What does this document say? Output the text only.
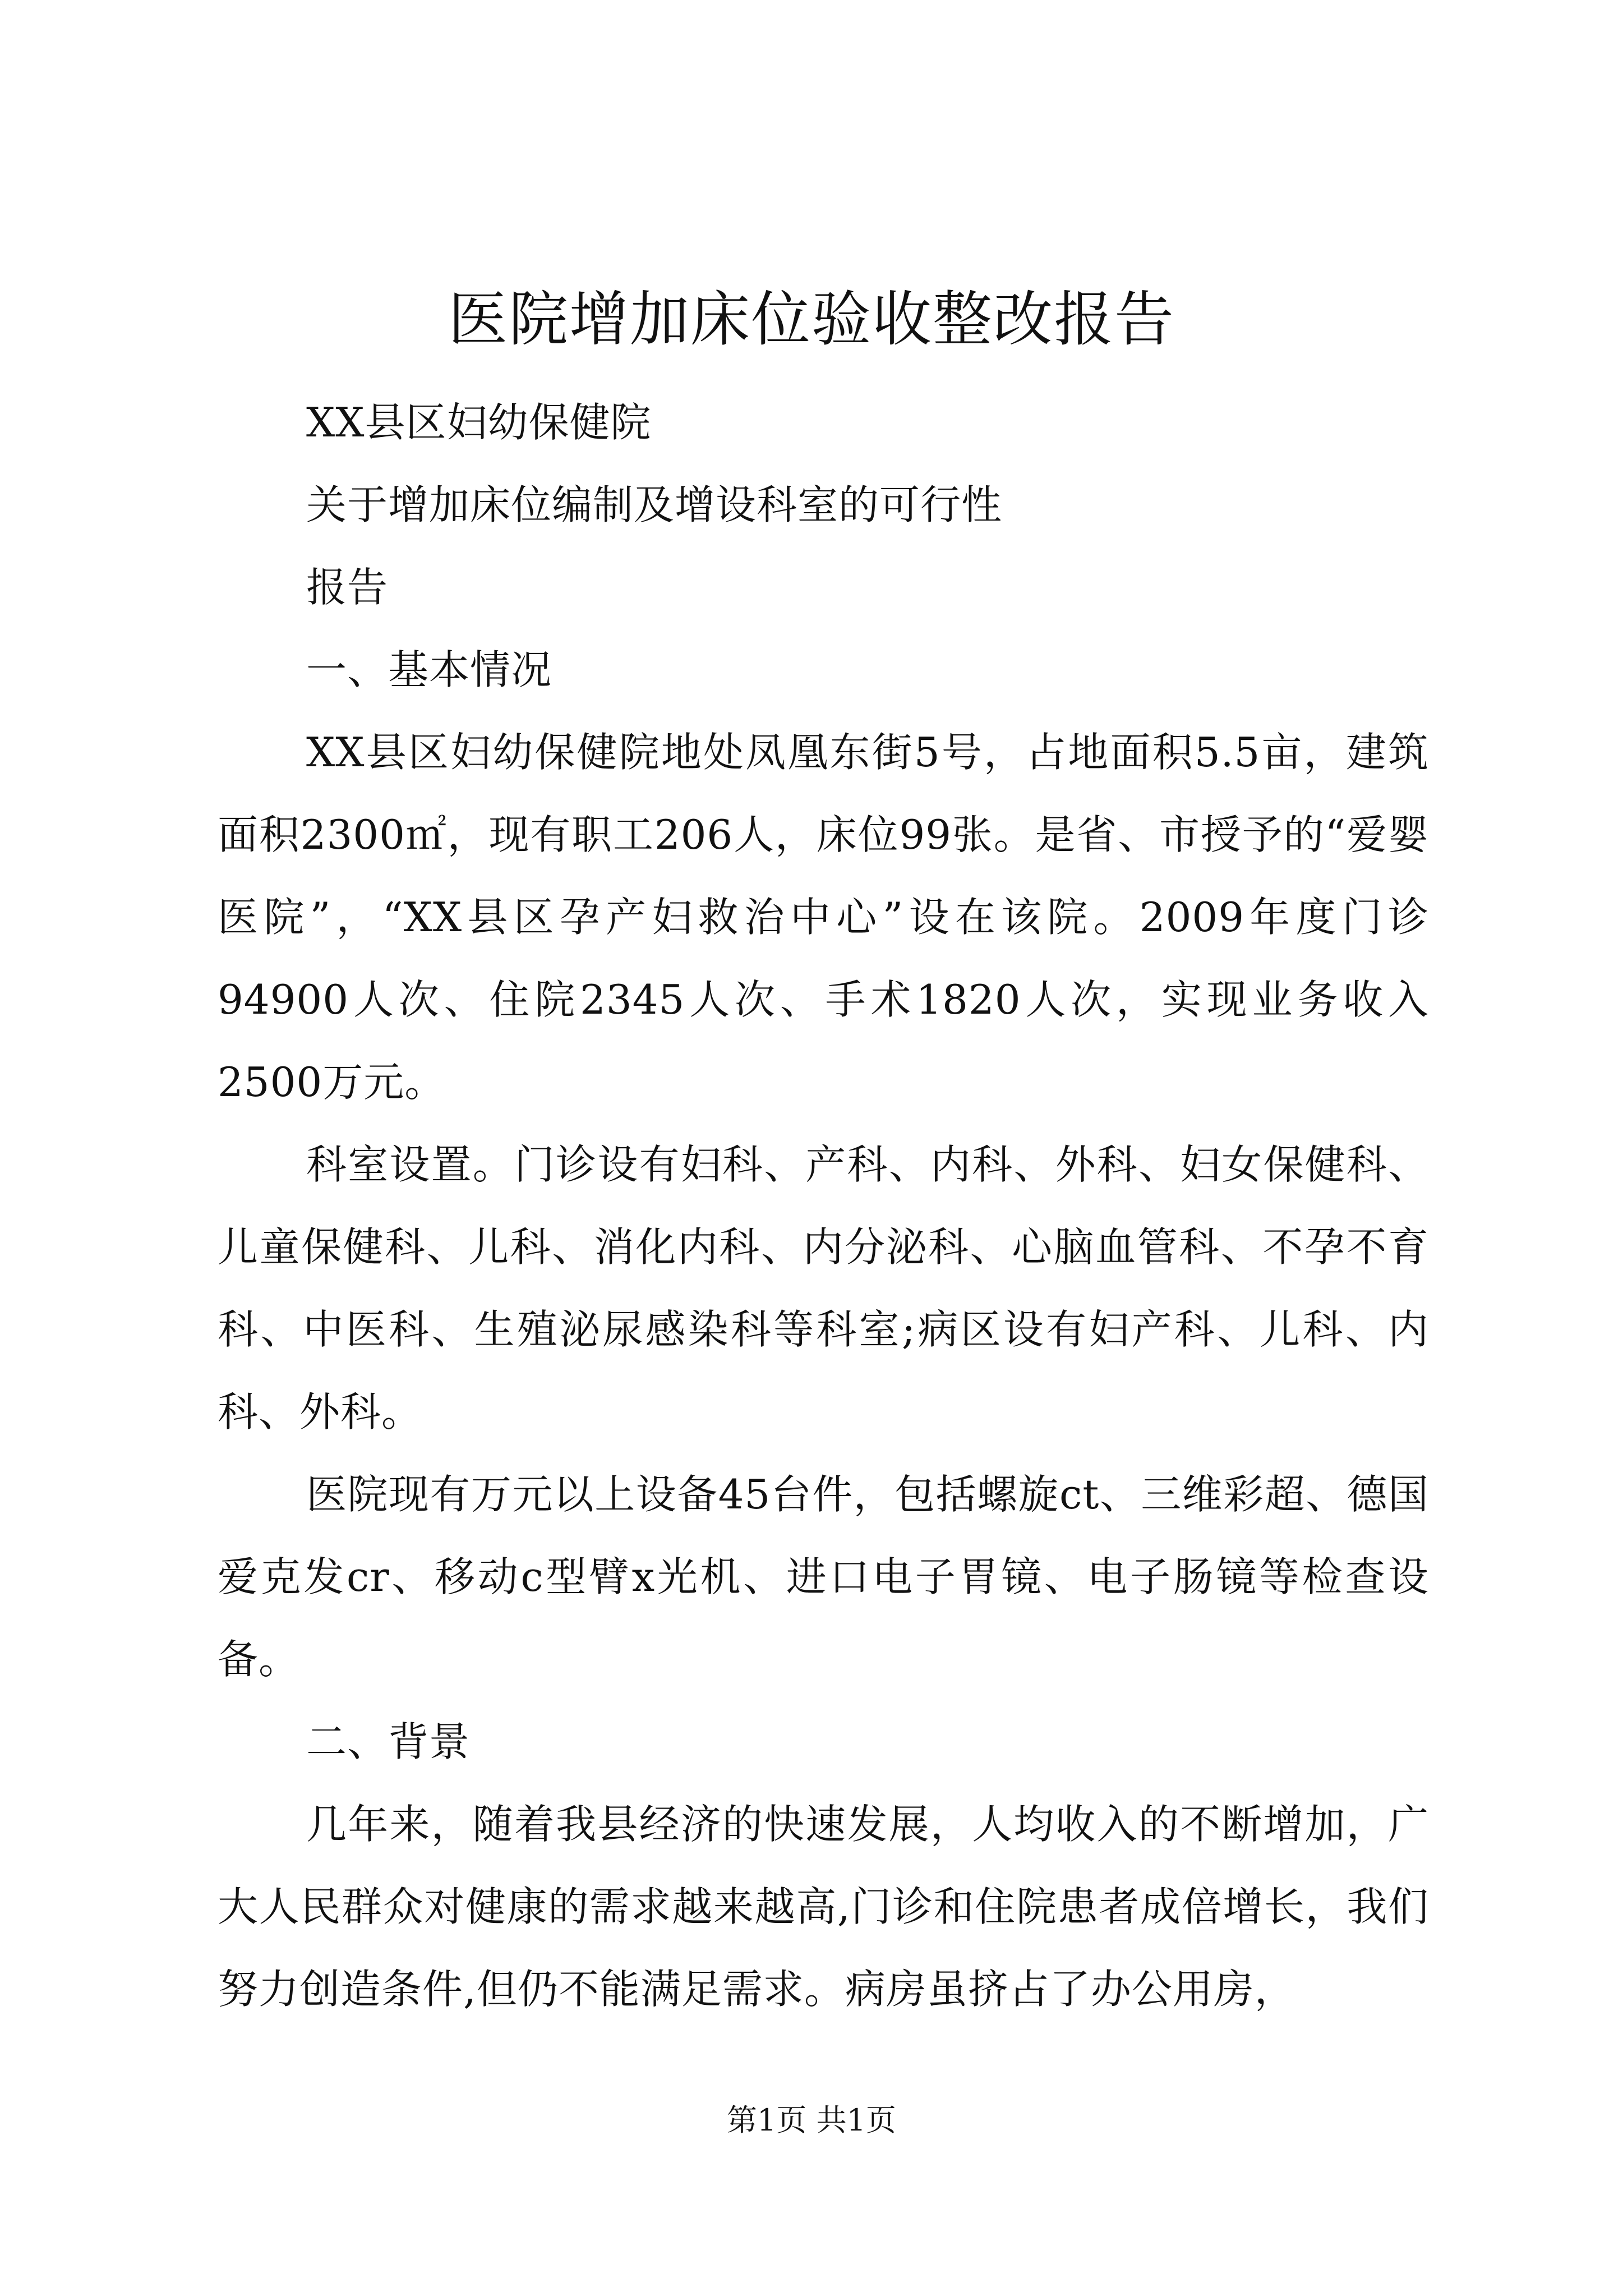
医院增加床位验收整改报告

XX县区妇幼保健院

关于增加床位编制及增设科室的可行性

报告

一、基本情况

XX县区妇幼保健院地处凤凰东街5号，占地面积5.5亩，建筑面积2300㎡，现有职工206人，床位99张。是省、市授予的“爱婴医院”，“XX县区孕产妇救治中心”设在该院。2009年度门诊94900人次、住院2345人次、手术1820人次，实现业务收入2500万元。

科室设置。门诊设有妇科、产科、内科、外科、妇女保健科、儿童保健科、儿科、消化内科、内分泌科、心脑血管科、不孕不育科、中医科、生殖泌尿感染科等科室;病区设有妇产科、儿科、内科、外科。

医院现有万元以上设备45台件，包括螺旋ct、三维彩超、德国爱克发cr、移动c型臂x光机、进口电子胃镜、电子肠镜等检查设备。

二、背景

几年来，随着我县经济的快速发展，人均收入的不断增加，广大人民群众对健康的需求越来越高,门诊和住院患者成倍增长，我们努力创造条件,但仍不能满足需求。病房虽挤占了办公用房，

第1页 共1页
